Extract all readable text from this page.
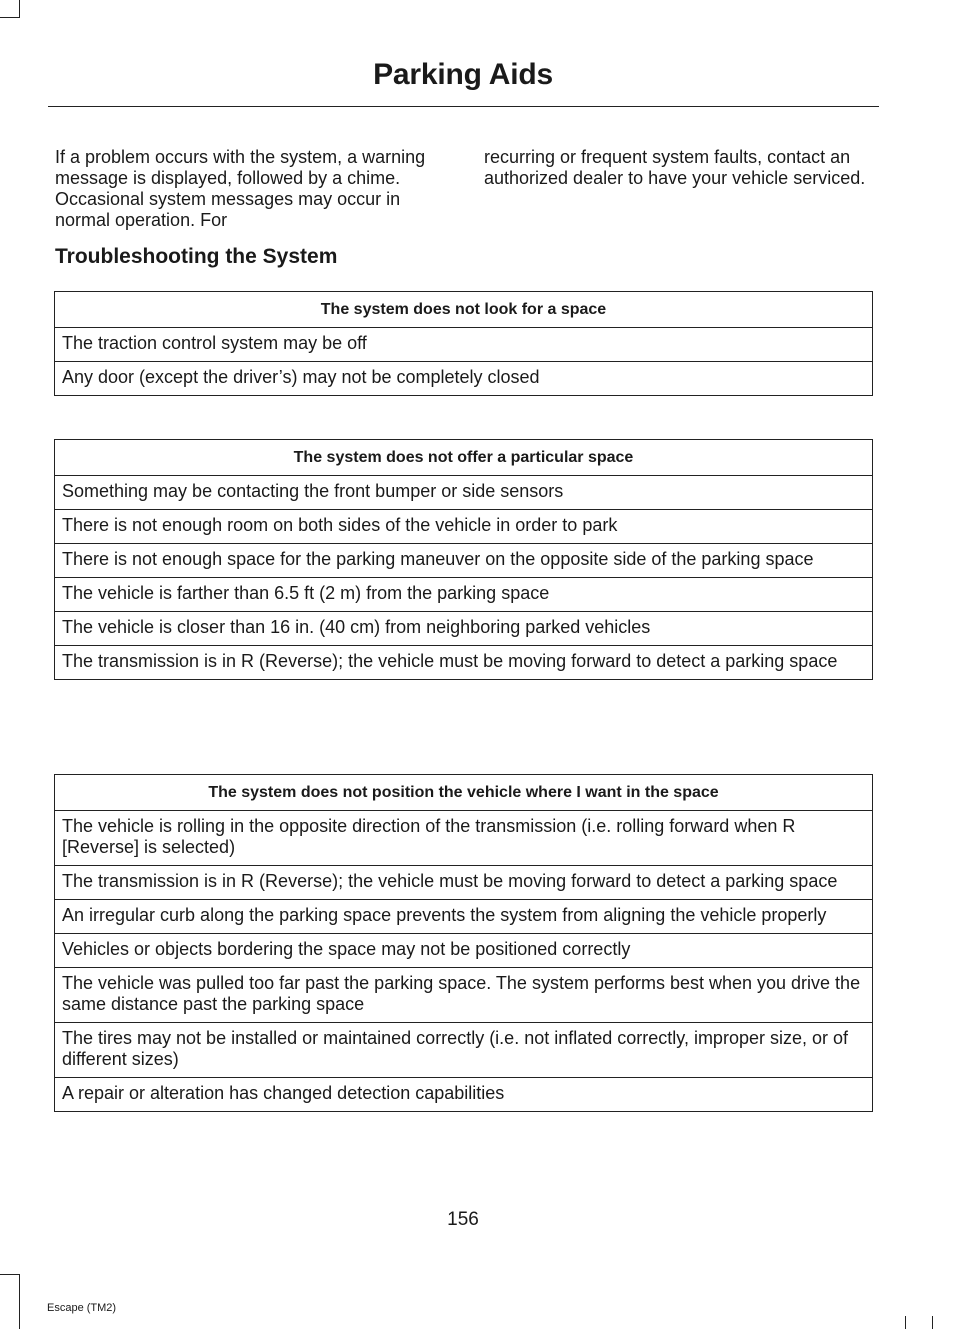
Parking Aids

If a problem occurs with the system, a warning message is displayed, followed by a chime. Occasional system messages may occur in normal operation. For

recurring or frequent system faults, contact an authorized dealer to have your vehicle serviced.

Troubleshooting the System
The system does not look for a space
The traction control system may be off
Any door (except the driver’s) may not be completely closed
The system does not offer a particular space
Something may be contacting the front bumper or side sensors
There is not enough room on both sides of the vehicle in order to park
There is not enough space for the parking maneuver on the opposite side of the parking space
The vehicle is farther than 6.5 ft (2 m) from the parking space
The vehicle is closer than 16 in. (40 cm) from neighboring parked vehicles
The transmission is in R (Reverse); the vehicle must be moving forward to detect a parking space
The system does not position the vehicle where I want in the space
The vehicle is rolling in the opposite direction of the transmission (i.e. rolling forward when R [Reverse] is selected)
The transmission is in R (Reverse); the vehicle must be moving forward to detect a parking space
An irregular curb along the parking space prevents the system from aligning the vehicle properly
Vehicles or objects bordering the space may not be positioned correctly
The vehicle was pulled too far past the parking space. The system performs best when you drive the same distance past the parking space
The tires may not be installed or maintained correctly (i.e. not inflated correctly, improper size, or of different sizes)
A repair or alteration has changed detection capabilities
156
Escape (TM2)
